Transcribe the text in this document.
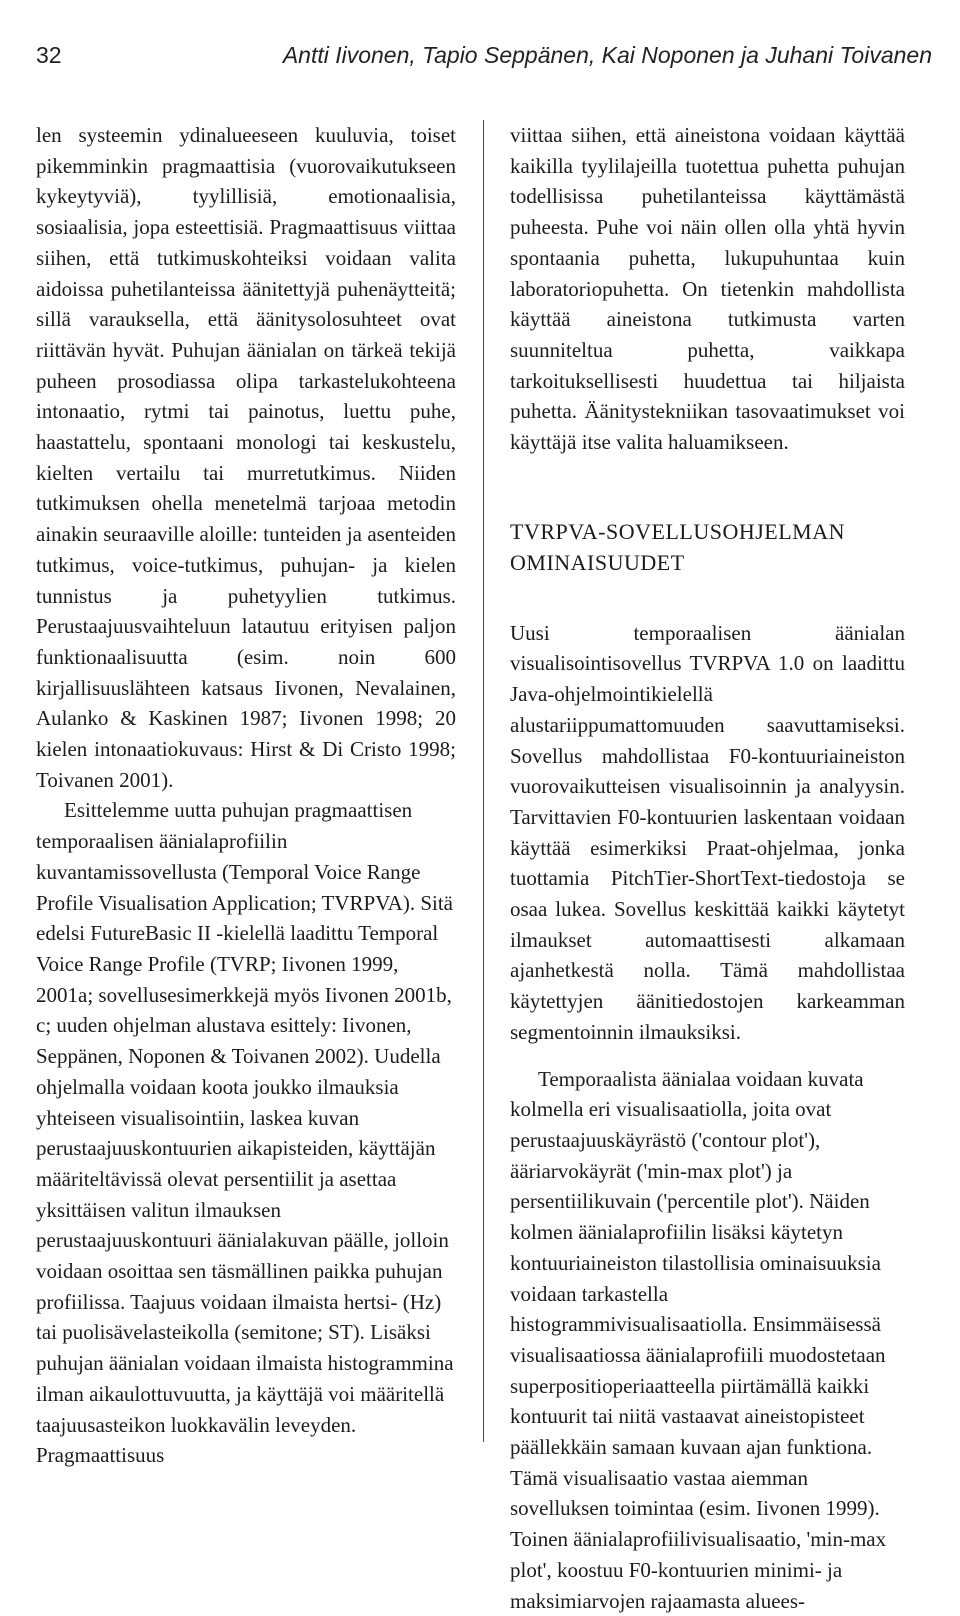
32	Antti Iivonen, Tapio Seppänen, Kai Noponen ja Juhani Toivanen

len systeemin ydinalueeseen kuuluvia, toiset pikemminkin pragmaattisia (vuorovaikutukseen kykeytyviä), tyylillisiä, emotionaalisia, sosiaalisia, jopa esteettisiä. Pragmaattisuus viittaa siihen, että tutkimuskohteiksi voidaan valita aidoissa puhetilanteissa äänitettyjä puhenäytteitä; sillä varauksella, että äänitysolosuhteet ovat riittävän hyvät. Puhujan äänialan on tärkeä tekijä puheen prosodiassa olipa tarkastelukohteena intonaatio, rytmi tai painotus, luettu puhe, haastattelu, spontaani monologi tai keskustelu, kielten vertailu tai murretutkimus. Niiden tutkimuksen ohella menetelmä tarjoaa metodin ainakin seuraaville aloille: tunteiden ja asenteiden tutkimus, voice-tutkimus, puhujan- ja kielen tunnistus ja puhetyylien tutkimus. Perustaajuusvaihteluun latautuu erityisen paljon funktionaalisuutta (esim. noin 600 kirjallisuuslähteen katsaus Iivonen, Nevalainen, Aulanko & Kaskinen 1987; Iivonen 1998; 20 kielen intonaatiokuvaus: Hirst & Di Cristo 1998; Toivanen 2001).

Esittelemme uutta puhujan pragmaattisen temporaalisen äänialaprofiilin kuvantamissovellusta (Temporal Voice Range Profile Visualisation Application; TVRPVA). Sitä edelsi FutureBasic II -kielellä laadittu Temporal Voice Range Profile (TVRP; Iivonen 1999, 2001a; sovellusesimerkkejä myös Iivonen 2001b, c; uuden ohjelman alustava esittely: Iivonen, Seppänen, Noponen & Toivanen 2002). Uudella ohjelmalla voidaan koota joukko ilmauksia yhteiseen visualisointiin, laskea kuvan perustaajuuskontuurien aikapisteiden, käyttäjän määriteltävissä olevat persentiilit ja asettaa yksittäisen valitun ilmauksen perustaajuuskontuuri äänialakuvan päälle, jolloin voidaan osoittaa sen täsmällinen paikka puhujan profiilissa. Taajuus voidaan ilmaista hertsi- (Hz) tai puolisävelasteikolla (semitone; ST). Lisäksi puhujan äänialan voidaan ilmaista histogrammina ilman aikaulottuvuutta, ja käyttäjä voi määritellä taajuusasteikon luokkavälin leveyden. Pragmaattisuus

viittaa siihen, että aineistona voidaan käyttää kaikilla tyylilajeilla tuotettua puhetta puhujan todellisissa puhetilanteissa käyttämästä puheesta. Puhe voi näin ollen olla yhtä hyvin spontaania puhetta, lukupuhuntaa kuin laboratoriopuhetta. On tietenkin mahdollista käyttää aineistona tutkimusta varten suunniteltua puhetta, vaikkapa tarkoituksellisesti huudettua tai hiljaista puhetta. Äänitystekniikan tasovaatimukset voi käyttäjä itse valita haluamikseen.

TVRPVA-SOVELLUSOHJELMAN OMINAISUUDET

Uusi temporaalisen äänialan visualisointisovellus TVRPVA 1.0 on laadittu Java-ohjelmointikielellä alustariippumattomuuden saavuttamiseksi. Sovellus mahdollistaa F0-kontuuriaineiston vuorovaikutteisen visualisoinnin ja analyysin. Tarvittavien F0-kontuurien laskentaan voidaan käyttää esimerkiksi Praat-ohjelmaa, jonka tuottamia PitchTier-ShortText-tiedostoja se osaa lukea. Sovellus keskittää kaikki käytetyt ilmaukset automaattisesti alkamaan ajanhetkestä nolla. Tämä mahdollistaa käytettyjen äänitiedostojen karkeamman segmentoinnin ilmauksiksi.

Temporaalista äänialaa voidaan kuvata kolmella eri visualisaatiolla, joita ovat perustaajuuskäyrästö ('contour plot'), ääriarvokäyrät ('min-max plot') ja persentiilikuvain ('percentile plot'). Näiden kolmen äänialaprofiilin lisäksi käytetyn kontuuriaineiston tilastollisia ominaisuuksia voidaan tarkastella histogrammivisualisaatiolla. Ensimmäisessä visualisaatiossa äänialaprofiili muodostetaan superpositioperiaatteella piirtämällä kaikki kontuurit tai niitä vastaavat aineistopisteet päällekkäin samaan kuvaan ajan funktiona. Tämä visualisaatio vastaa aiemman sovelluksen toimintaa (esim. Iivonen 1999). Toinen äänialaprofiilivisualisaatio, 'min-max plot', koostuu F0-kontuurien minimi- ja maksimiarvojen rajaamasta aluees-
